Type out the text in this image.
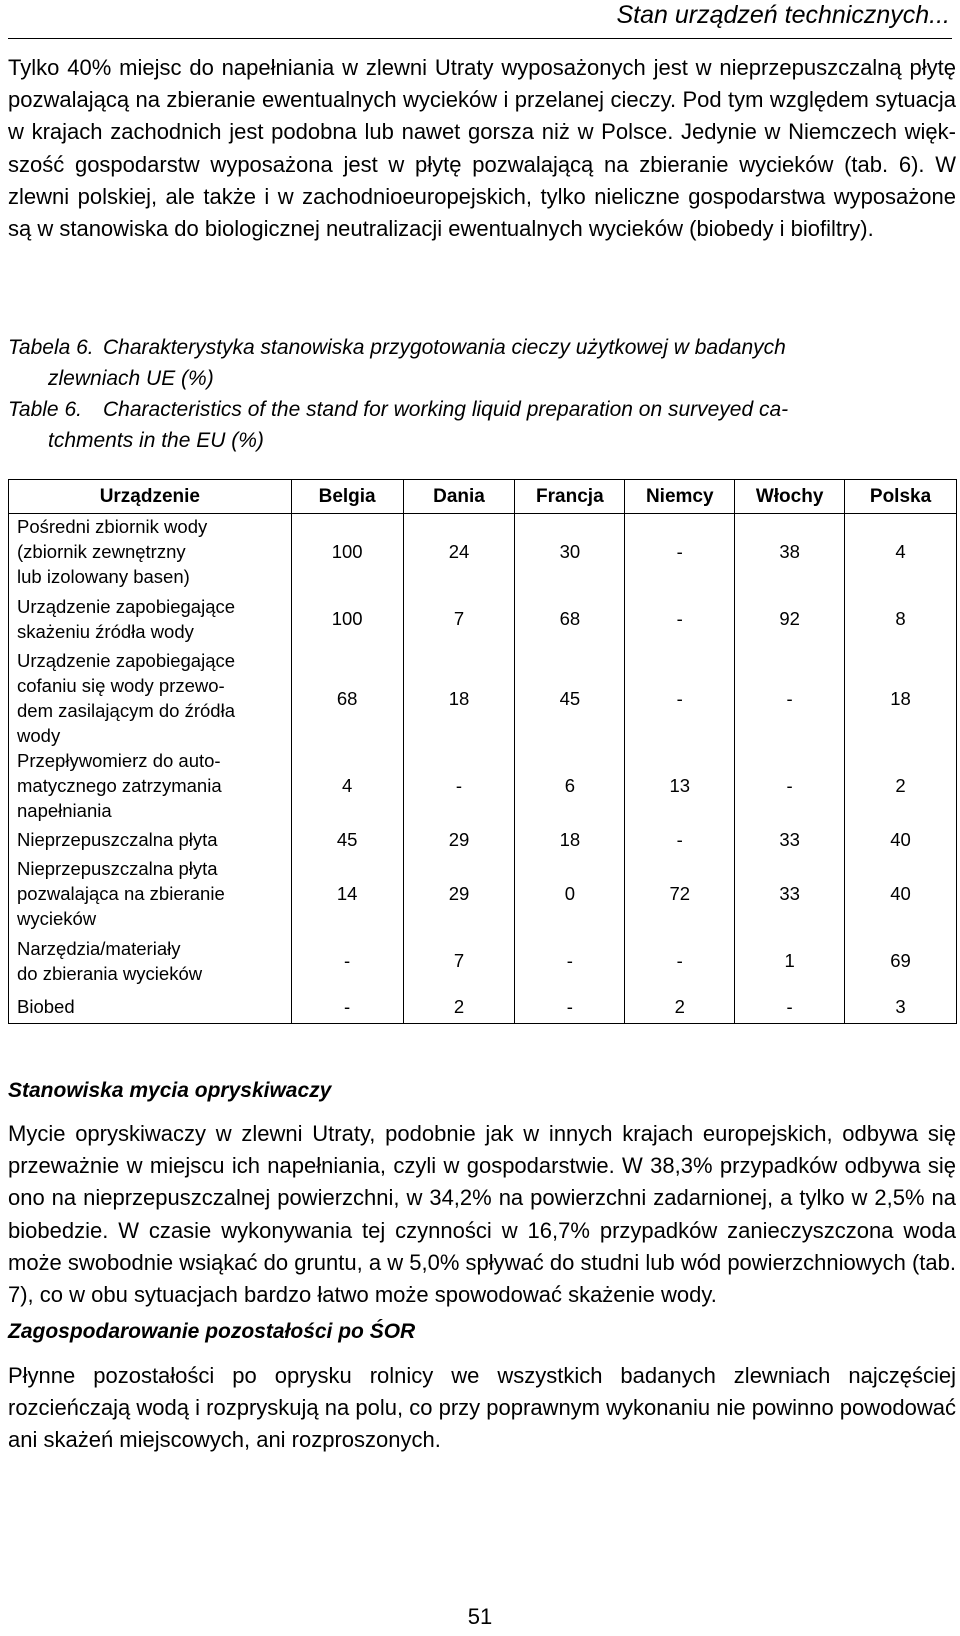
Stan urządzeń technicznych...
Tylko 40% miejsc do napełniania w zlewni Utraty wyposażonych jest w nieprzepuszczalną płytę pozwalającą na zbieranie ewentualnych wycieków i przelanej cieczy. Pod tym względem sytuacja w krajach zachodnich jest podobna lub nawet gorsza niż w Polsce. Jedynie w Niemczech większość gospodarstw wyposażona jest w płytę pozwalającą na zbieranie wycieków (tab. 6). W zlewni polskiej, ale także i w zachodnioeuropejskich, tylko nieliczne gospodarstwa wyposażone są w stanowiska do biologicznej neutralizacji ewentualnych wycieków (biobedy i biofiltry).
Tabela 6. Charakterystyka stanowiska przygotowania cieczy użytkowej w badanych
zlewniach UE (%)
Table 6. Characteristics of the stand for working liquid preparation on surveyed ca-
tchments in the EU (%)
Urządzenie	Belgia	Dania	Francja	Niemcy	Włochy	Polska

Pośredni zbiornik wody
(zbiornik zewnętrzny
lub izolowany basen)	100	24	30	-	38	4

Urządzenie zapobiegające
skażeniu źródła wody	100	7	68	-	92	8

Urządzenie zapobiegające
cofaniu się wody przewo-
dem zasilającym do źródła
wody	68	18	45	-	-	18

Przepływomierz do auto-
matycznego zatrzymania
napełniania	4	-	6	13	-	2

Nieprzepuszczalna płyta	45	29	18	-	33	40

Nieprzepuszczalna płyta
pozwalająca na zbieranie
wycieków	14	29	0	72	33	40

Narzędzia/materiały
do zbierania wycieków	-	7	-	-	1	69

Biobed	-	2	-	2	-	3
Stanowiska mycia opryskiwaczy
Mycie opryskiwaczy w zlewni Utraty, podobnie jak w innych krajach europejskich, odbywa się przeważnie w miejscu ich napełniania, czyli w gospodarstwie. W 38,3% przypadków odbywa się ono na nieprzepuszczalnej powierzchni, w 34,2% na powierzchni zadarnionej, a tylko w 2,5% na biobedzie. W czasie wykonywania tej czynności w 16,7% przypadków zanieczyszczona woda może swobodnie wsiąkać do gruntu, a w 5,0% spływać do studni lub wód powierzchniowych (tab. 7), co w obu sytuacjach bardzo łatwo może spowodować skażenie wody.
Zagospodarowanie pozostałości po ŚOR
Płynne pozostałości po oprysku rolnicy we wszystkich badanych zlewniach najczęściej rozcieńczają wodą i rozpryskują na polu, co przy poprawnym wykonaniu nie powinno powodować ani skażeń miejscowych, ani rozproszonych.
51
